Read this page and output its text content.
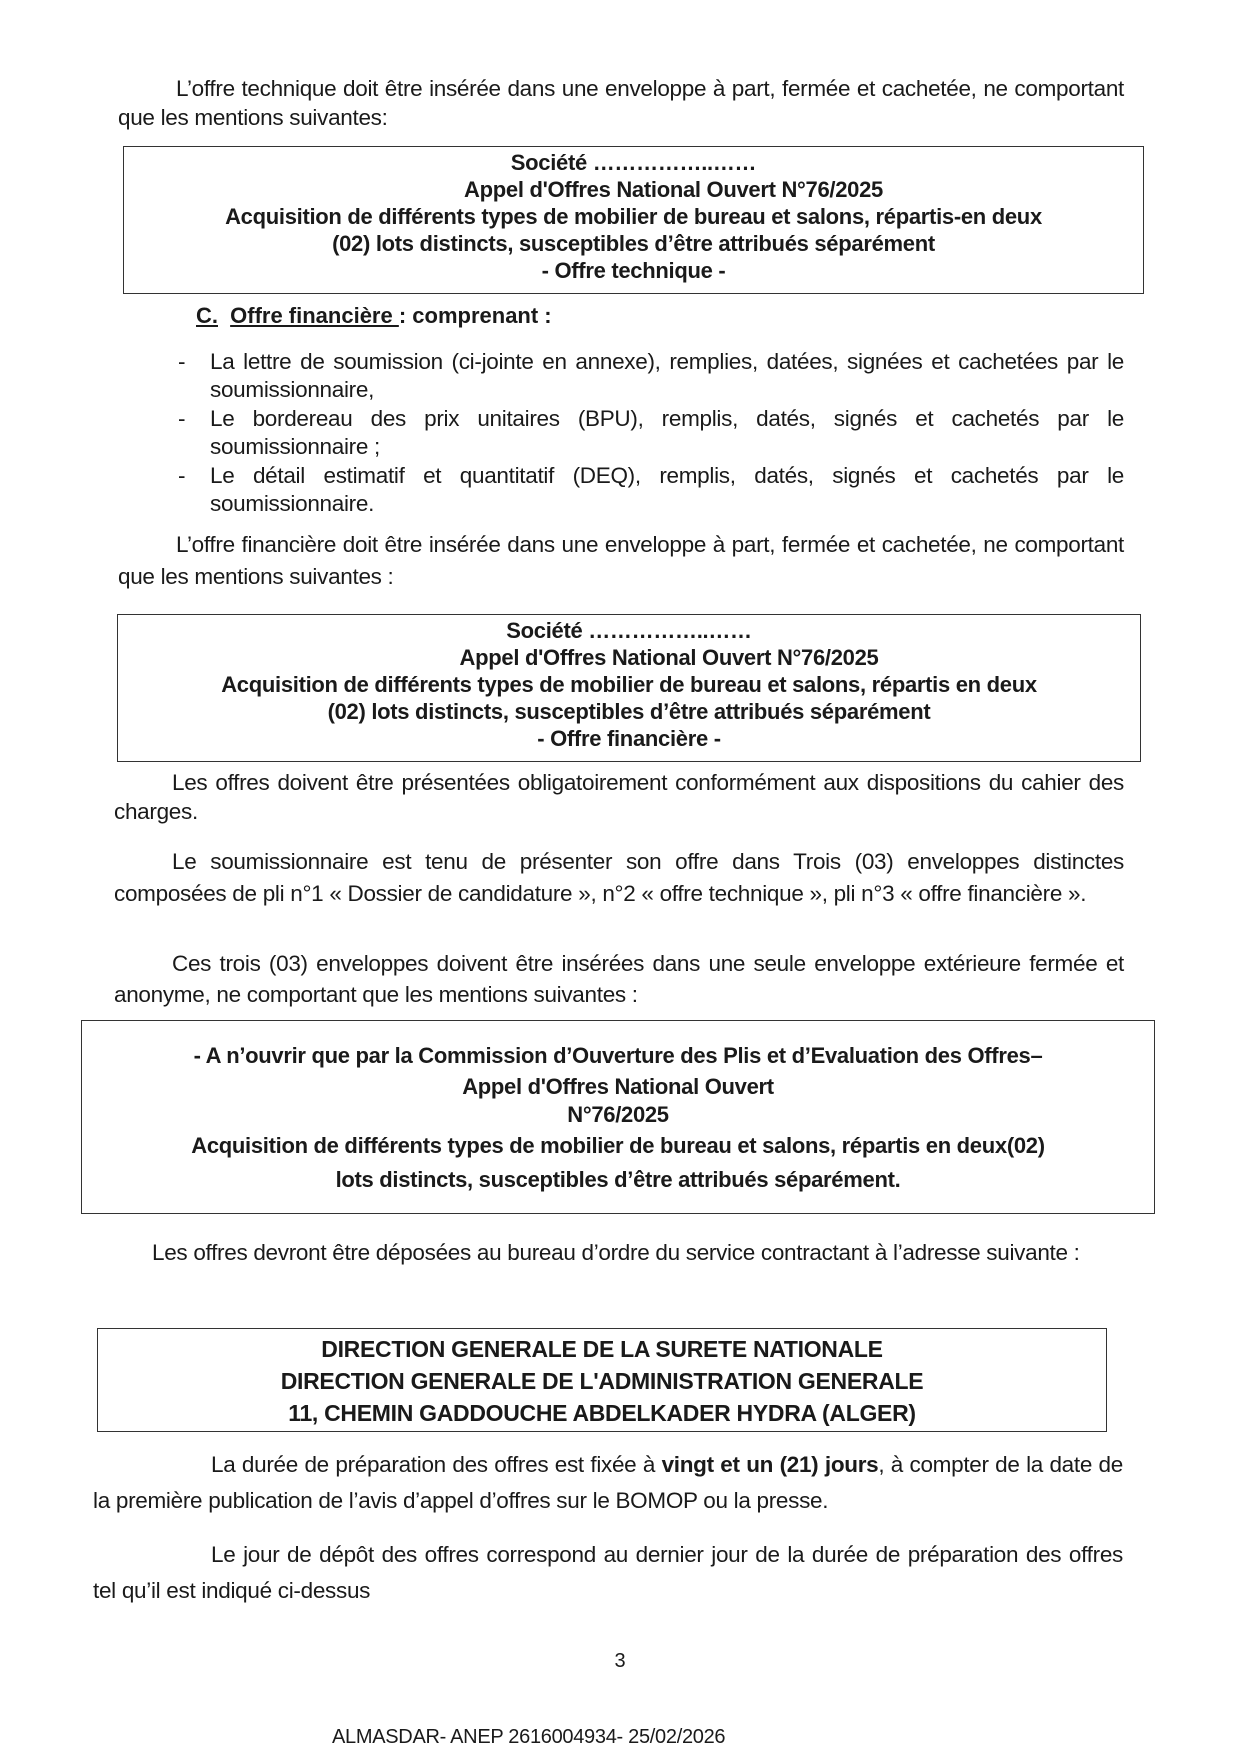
L’offre technique doit être insérée dans une enveloppe à part, fermée et cachetée, ne comportant que les mentions suivantes:
Société ……………..……
Appel d'Offres National Ouvert N°76/2025
Acquisition de différents types de mobilier de bureau et salons, répartis-en deux
(02) lots distincts, susceptibles d’être attribués séparément
- Offre technique -
C. Offre financière : comprenant :
- La lettre de soumission (ci-jointe en annexe), remplies, datées, signées et cachetées par le soumissionnaire,
- Le bordereau des prix unitaires (BPU), remplis, datés, signés et cachetés par le soumissionnaire ;
- Le détail estimatif et quantitatif (DEQ), remplis, datés, signés et cachetés par le soumissionnaire.
L’offre financière doit être insérée dans une enveloppe à part, fermée et cachetée, ne comportant que les mentions suivantes :
Société ……………..……
Appel d'Offres National Ouvert N°76/2025
Acquisition de différents types de mobilier de bureau et salons, répartis en deux
(02) lots distincts, susceptibles d’être attribués séparément
- Offre financière -
Les offres doivent être présentées obligatoirement conformément aux dispositions du cahier des charges.
Le soumissionnaire est tenu de présenter son offre dans Trois (03) enveloppes distinctes composées de pli n°1 « Dossier de candidature », n°2 « offre technique », pli n°3 « offre financière ».
Ces trois (03) enveloppes doivent être insérées dans une seule enveloppe extérieure fermée et anonyme, ne comportant que les mentions suivantes :
- A n’ouvrir que par la Commission d’Ouverture des Plis et d’Evaluation des Offres–
Appel d'Offres National Ouvert
N°76/2025
Acquisition de différents types de mobilier de bureau et salons, répartis en deux(02)
lots distincts, susceptibles d’être attribués séparément.
Les offres devront être déposées au bureau d’ordre du service contractant à l’adresse suivante :
DIRECTION GENERALE DE LA SURETE NATIONALE
DIRECTION GENERALE DE L'ADMINISTRATION GENERALE
11, CHEMIN GADDOUCHE ABDELKADER HYDRA (ALGER)
La durée de préparation des offres est fixée à vingt et un (21) jours, à compter de la date de la première publication de l’avis d’appel d’offres sur le BOMOP ou la presse.
Le jour de dépôt des offres correspond au dernier jour de la durée de préparation des offres tel qu’il est indiqué ci-dessus
3
ALMASDAR- ANEP 2616004934- 25/02/2026
